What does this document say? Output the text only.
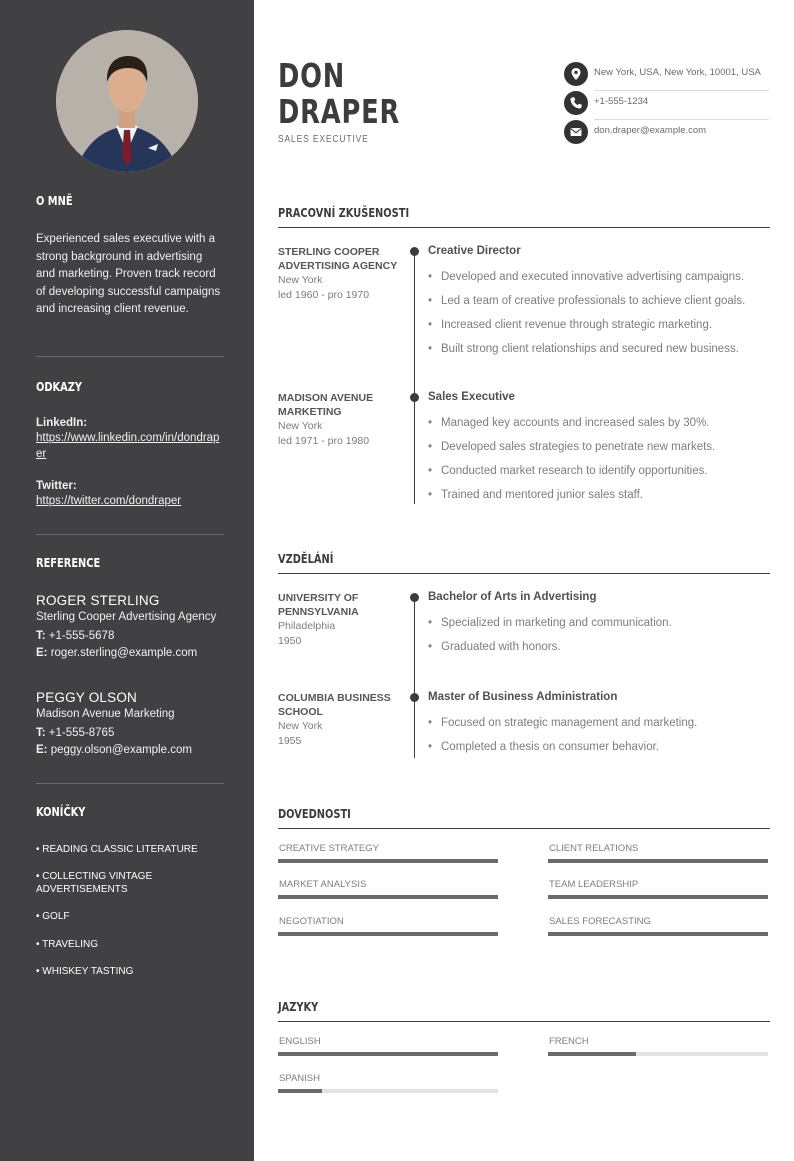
O MNĚ
Experienced sales executive with a strong background in advertising and marketing. Proven track record of developing successful campaigns and increasing client revenue.
ODKAZY
LinkedIn:
https://www.linkedin.com/in/dondraper
Twitter:
https://twitter.com/dondraper
REFERENCE
ROGER STERLING
Sterling Cooper Advertising Agency
T: +1-555-5678
E: roger.sterling@example.com
PEGGY OLSON
Madison Avenue Marketing
T: +1-555-8765
E: peggy.olson@example.com
KONÍČKY
• READING CLASSIC LITERATURE
• COLLECTING VINTAGE ADVERTISEMENTS
• GOLF
• TRAVELING
• WHISKEY TASTING
DON
DRAPER
SALES EXECUTIVE
New York, USA, New York, 10001, USA
+1-555-1234
don.draper@example.com
PRACOVNÍ ZKUŠENOSTI
STERLING COOPER ADVERTISING AGENCY
New York
led 1960 - pro 1970
Creative Director
• Developed and executed innovative advertising campaigns.
• Led a team of creative professionals to achieve client goals.
• Increased client revenue through strategic marketing.
• Built strong client relationships and secured new business.
MADISON AVENUE MARKETING
New York
led 1971 - pro 1980
Sales Executive
• Managed key accounts and increased sales by 30%.
• Developed sales strategies to penetrate new markets.
• Conducted market research to identify opportunities.
• Trained and mentored junior sales staff.
VZDĚLÁNÍ
UNIVERSITY OF PENNSYLVANIA
Philadelphia
1950
Bachelor of Arts in Advertising
• Specialized in marketing and communication.
• Graduated with honors.
COLUMBIA BUSINESS SCHOOL
New York
1955
Master of Business Administration
• Focused on strategic management and marketing.
• Completed a thesis on consumer behavior.
DOVEDNOSTI
CREATIVE STRATEGY	CLIENT RELATIONS
MARKET ANALYSIS	TEAM LEADERSHIP
NEGOTIATION	SALES FORECASTING
JAZYKY
ENGLISH	FRENCH
SPANISH
